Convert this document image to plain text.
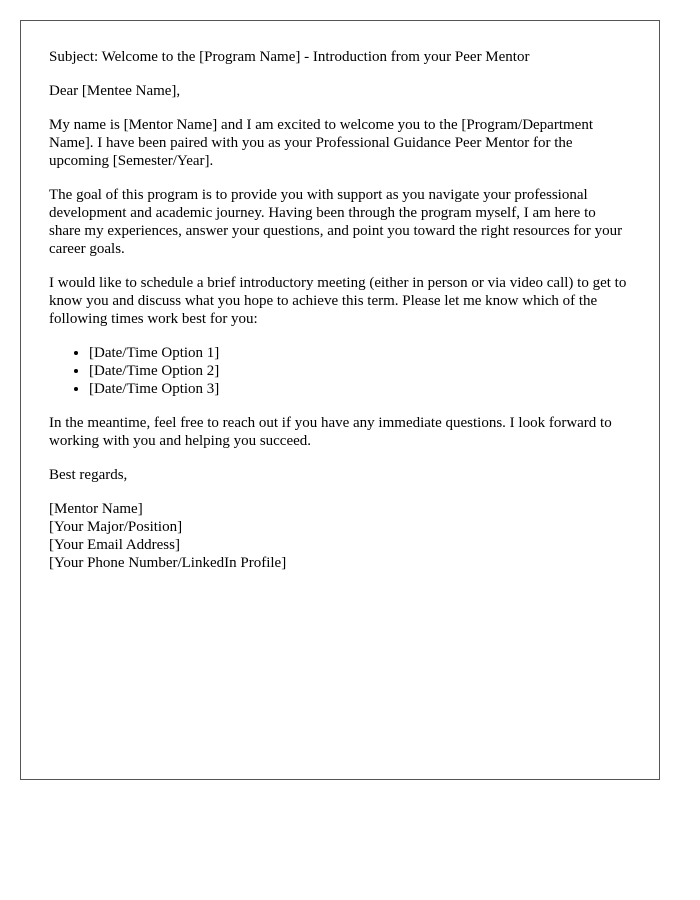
Subject: Welcome to the [Program Name] - Introduction from your Peer Mentor

Dear [Mentee Name],

My name is [Mentor Name] and I am excited to welcome you to the [Program/Department Name]. I have been paired with you as your Professional Guidance Peer Mentor for the upcoming [Semester/Year].

The goal of this program is to provide you with support as you navigate your professional development and academic journey. Having been through the program myself, I am here to share my experiences, answer your questions, and point you toward the right resources for your career goals.

I would like to schedule a brief introductory meeting (either in person or via video call) to get to know you and discuss what you hope to achieve this term. Please let me know which of the following times work best for you:

• [Date/Time Option 1]
• [Date/Time Option 2]
• [Date/Time Option 3]

In the meantime, feel free to reach out if you have any immediate questions. I look forward to working with you and helping you succeed.

Best regards,

[Mentor Name]
[Your Major/Position]
[Your Email Address]
[Your Phone Number/LinkedIn Profile]
